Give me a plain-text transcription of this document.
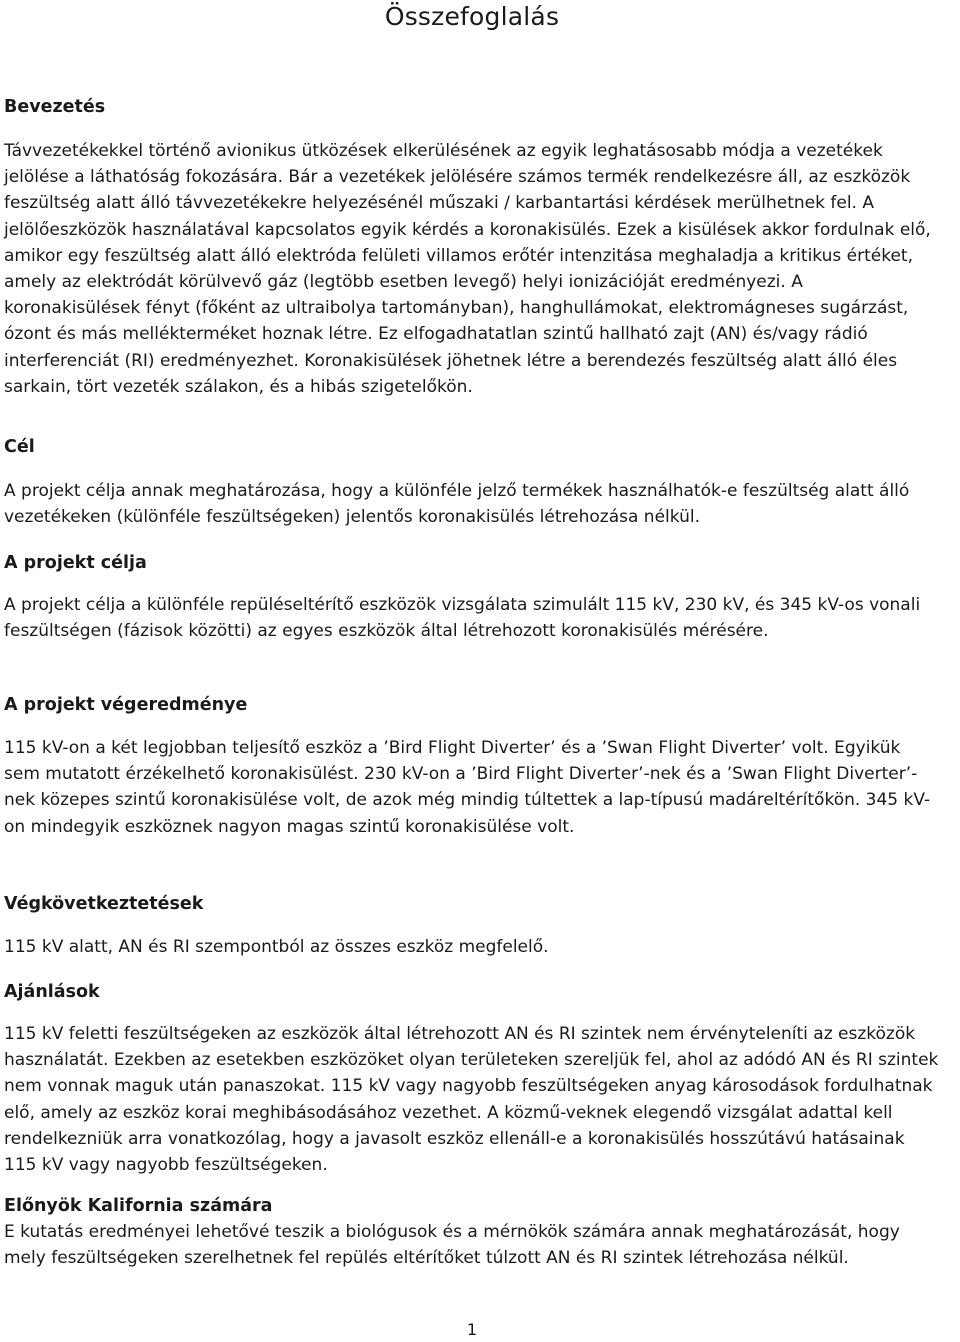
Összefoglalás
Bevezetés

Távvezetékekkel történő avionikus ütközések elkerülésének az egyik leghatásosabb módja a vezetékek jelölése a láthatóság fokozására. Bár a vezetékek jelölésére számos termék rendelkezésre áll, az eszközök feszültség alatt álló távvezetékekre helyezésénél műszaki / karbantartási kérdések merülhetnek fel. A jelölőeszközök használatával kapcsolatos egyik kérdés a koronakisülés. Ezek a kisülések akkor fordulnak elő, amikor egy feszültség alatt álló elektróda felületi villamos erőtér intenzitása meghaladja a kritikus értéket, amely az elektródát körülvevő gáz (legtöbb esetben levegő) helyi ionizációját eredményezi. A koronakisülések fényt (főként az ultraibolya tartományban), hanghullámokat, elektromágneses sugárzást, ózont és más mellékterméket hoznak létre. Ez elfogadhatatlan szintű hallható zajt (AN) és/vagy rádió interferenciát (RI) eredményezhet. Koronakisülések jöhetnek létre a berendezés feszültség alatt álló éles sarkain, tört vezeték szálakon, és a hibás szigetelőkön.

Cél

A projekt célja annak meghatározása, hogy a különféle jelző termékek használhatók-e feszültség alatt álló vezetékeken (különféle feszültségeken) jelentős koronakisülés létrehozása nélkül.

A projekt célja

A projekt célja a különféle repüléseltérítő eszközök vizsgálata szimulált 115 kV, 230 kV, és 345 kV-os vonali feszültségen (fázisok közötti) az egyes eszközök által létrehozott koronakisülés mérésére.

A projekt végeredménye

115 kV-on a két legjobban teljesítő eszköz a ’Bird Flight Diverter’ és a ’Swan Flight Diverter’ volt. Egyikük sem mutatott érzékelhető koronakisülést. 230 kV-on a ’Bird Flight Diverter’-nek és a ’Swan Flight Diverter’-nek közepes szintű koronakisülése volt, de azok még mindig túltettek a lap-típusú madáreltérítőkön. 345 kV-on mindegyik eszköznek nagyon magas szintű koronakisülése volt.

Végkövetkeztetések

115 kV alatt, AN és RI szempontból az összes eszköz megfelelő.

Ajánlások

115 kV feletti feszültségeken az eszközök által létrehozott AN és RI szintek nem érvényteleníti az eszközök használatát. Ezekben az esetekben eszközöket olyan területeken szereljük fel, ahol az adódó AN és RI szintek nem vonnak maguk után panaszokat. 115 kV vagy nagyobb feszültségeken anyag károsodások fordulhatnak elő, amely az eszköz korai meghibásodásához vezethet. A közmű-veknek elegendő vizsgálat adattal kell rendelkezniük arra vonatkozólag, hogy a javasolt eszköz ellenáll-e a koronakisülés hosszútávú hatásainak 115 kV vagy nagyobb feszültségeken.

Előnyök Kalifornia számára

E kutatás eredményei lehetővé teszik a biológusok és a mérnökök számára annak meghatározását, hogy mely feszültségeken szerelhetnek fel repülés eltérítőket túlzott AN és RI szintek létrehozása nélkül.

1
